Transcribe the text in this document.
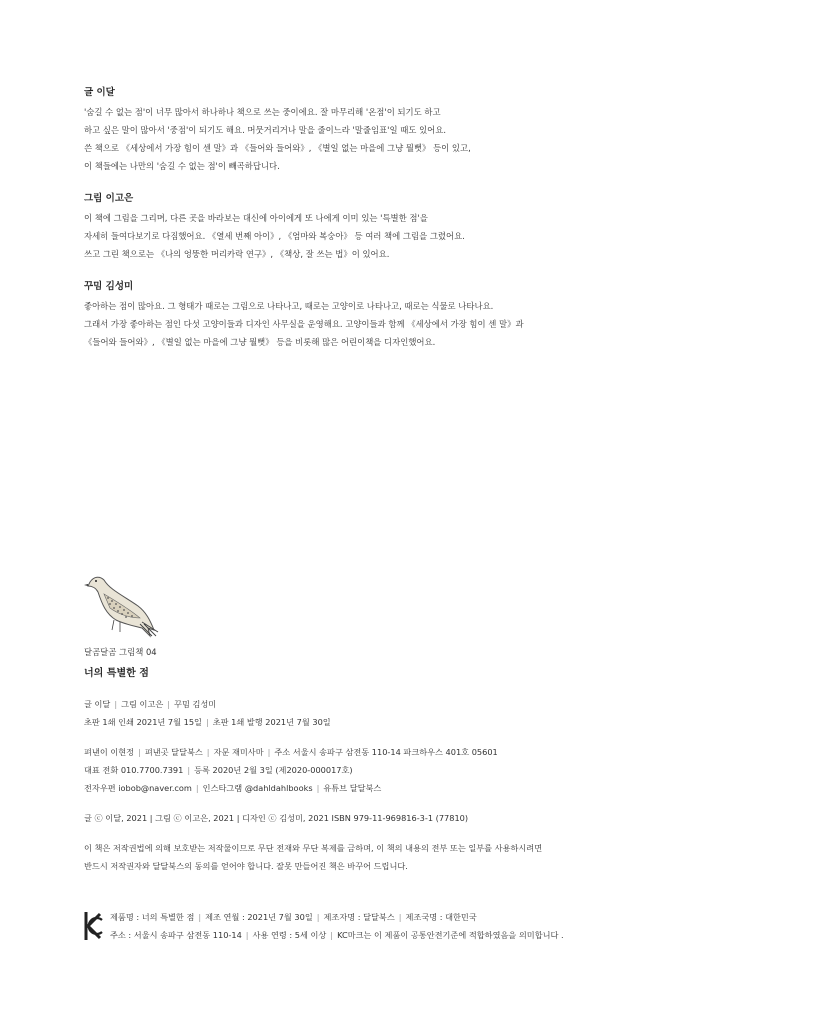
글 이달

'숨길 수 없는 점'이 너무 많아서 하나하나 책으로 쓰는 중이에요. 잘 마무리해 '온점'이 되기도 하고

하고 싶은 말이 많아서 '중점'이 되기도 해요. 머뭇거리거나 말을 줄이느라 '말줄임표'일 때도 있어요.

쓴 책으로 《세상에서 가장 힘이 센 말》과 《들어와 들어와》, 《별일 없는 마을에 그냥 뭘뻣》 등이 있고,

이 책들에는 나만의 '숨길 수 없는 점'이 빼곡하답니다.

그림 이고은

이 책에 그림을 그리며, 다른 곳을 바라보는 대신에 아이에게 또 나에게 이미 있는 '특별한 점'을

자세히 들여다보기로 다짐했어요. 《열세 번째 아이》, 《엄마와 복숭아》 등 여러 책에 그림을 그렸어요.

쓰고 그린 책으로는 《나의 엉뚱한 머리카락 연구》, 《책상, 잘 쓰는 법》이 있어요.

꾸밈 김성미

좋아하는 점이 많아요. 그 형태가 때로는 그림으로 나타나고, 때로는 고양이로 나타나고, 때로는 식물로 나타나요.

그래서 가장 좋아하는 점인 다섯 고양이들과 디자인 사무실을 운영해요. 고양이들과 함께 《세상에서 가장 힘이 센 말》과

《들어와 들어와》, 《별일 없는 마을에 그냥 뭘뻣》 등을 비롯해 많은 어린이책을 디자인했어요.

달곰달곰 그림책 04

너의 특별한 점

글 이달 | 그림 이고은 | 꾸밈 김성미

초판 1쇄 인쇄 2021년 7월 15일 | 초판 1쇄 발행 2021년 7월 30일

펴낸이 이현정 | 펴낸곳 달달북스 | 자문 재미사마 | 주소 서울시 송파구 삼전동 110-14 파크하우스 401호 05601

대표 전화 010.7700.7391 | 등록 2020년 2월 3일 (제2020-000017호)

전자우편 iobob@naver.com | 인스타그램 @dahldahlbooks | 유튜브 달달북스

글 ⓒ 이달, 2021 | 그림 ⓒ 이고은, 2021 | 디자인 ⓒ 김성미, 2021 ISBN 979-11-969816-3-1 (77810)

이 책은 저작권법에 의해 보호받는 저작물이므로 무단 전재와 무단 복제를 금하며, 이 책의 내용의 전부 또는 일부를 사용하시려면

반드시 저작권자와 달달북스의 동의를 얻어야 합니다. 잘못 만들어진 책은 바꾸어 드립니다.

제품명 : 너의 특별한 점 | 제조 연월 : 2021년 7월 30일 | 제조자명 : 달달북스 | 제조국명 : 대한민국

주소 : 서울시 송파구 삼전동 110-14 | 사용 연령 : 5세 이상 | KC마크는 이 제품이 공통안전기준에 적합하였음을 의미합니다 .
